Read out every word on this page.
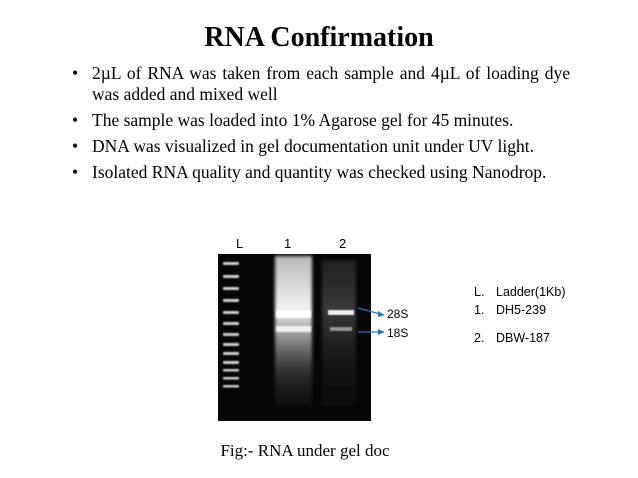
RNA Confirmation
• 2µL of RNA was taken from each sample and 4µL of loading dye was added and mixed well
• The sample was loaded into 1% Agarose gel for 45 minutes.
• DNA was visualized in gel documentation unit under UV light.
• Isolated RNA quality and quantity was checked using Nanodrop.
L	1	2
28S
18S
L. Ladder(1Kb)
1. DH5-239
2. DBW-187
Fig:- RNA under gel doc
